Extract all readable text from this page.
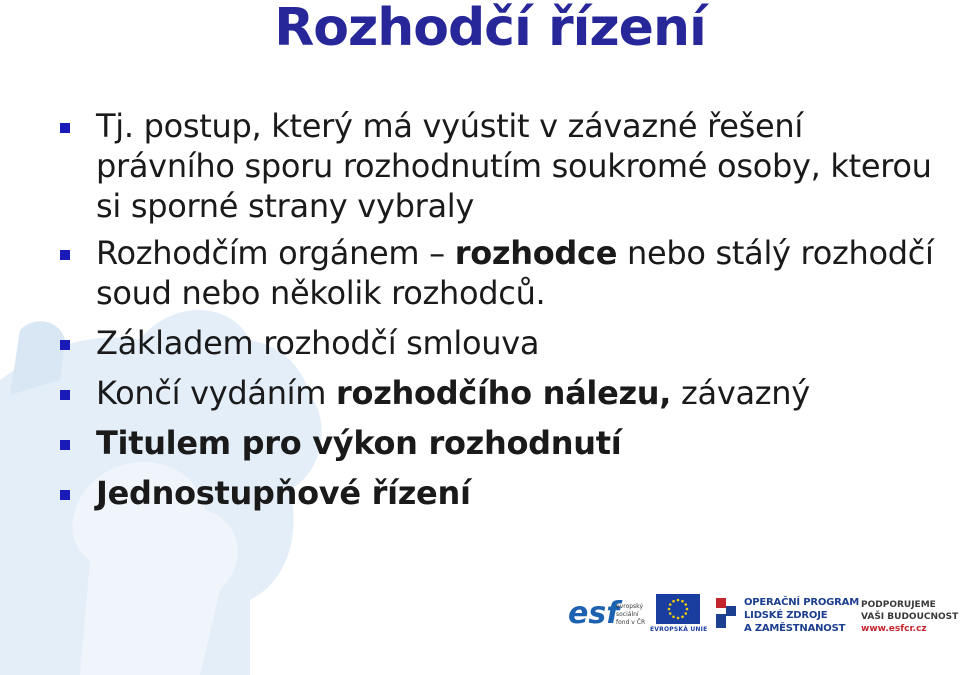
Rozhodčí řízení
Tj. postup, který má vyústit v závazné řešení právního sporu rozhodnutím soukromé osoby, kterou si sporné strany vybraly
Rozhodčím orgánem – rozhodce nebo stálý rozhodčí soud nebo několik rozhodců.
Základem rozhodčí smlouva
Končí vydáním rozhodčího nálezu, závazný
Titulem pro výkon rozhodnutí
Jednostupňové řízení
esf
evropský
sociální
fond v ČR
EVROPSKÁ UNIE
OPERAČNÍ PROGRAM
LIDSKÉ ZDROJE
A ZAMĚSTNANOST
PODPORUJEME
VAŠI BUDOUCNOST
www.esfcr.cz
